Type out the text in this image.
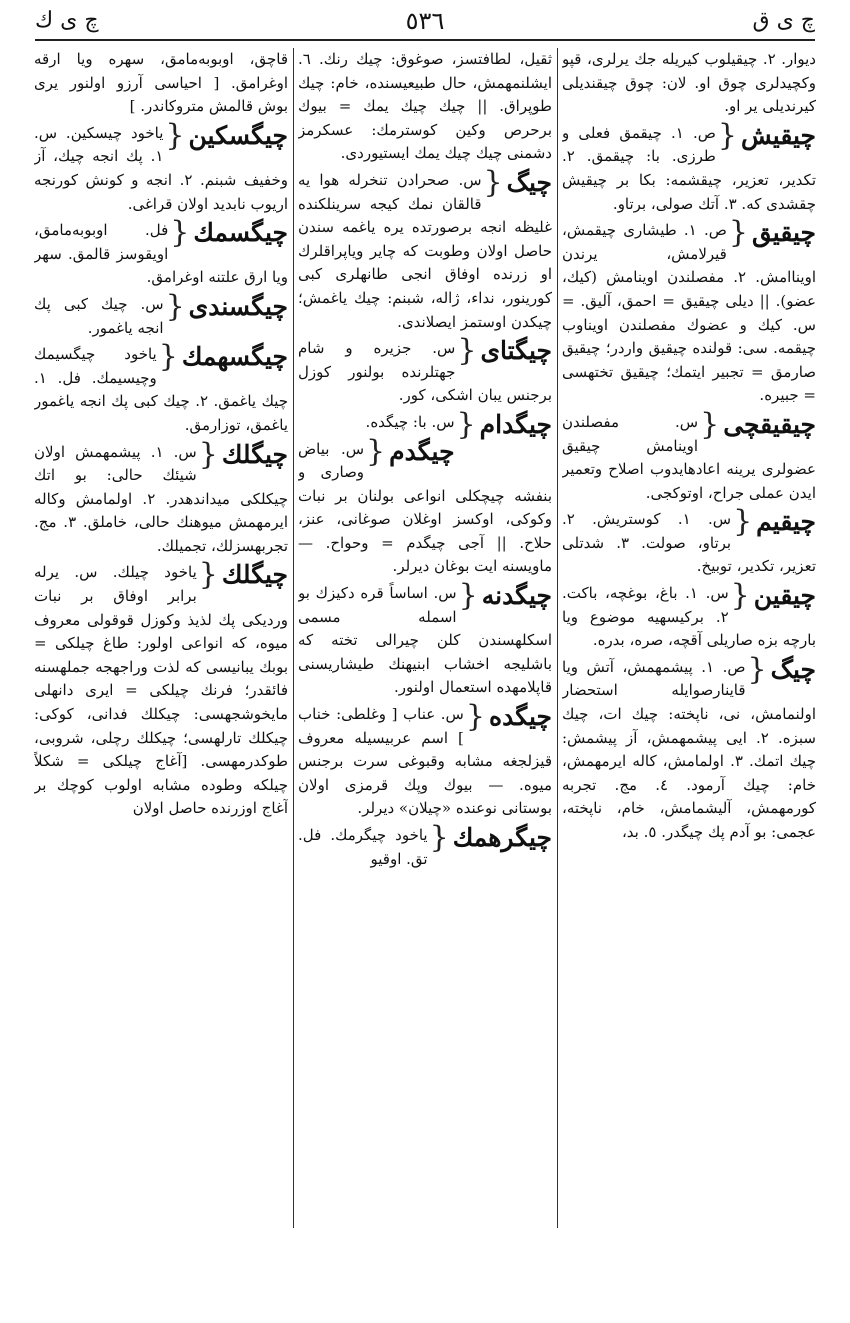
چ ی ق
٥٣٦
چ ی ك

دیوار. ٢. چیقیلوب کیریله جك یرلری، قپو وکچیدلری چوق او. لان: چوق چیقندیلی کیرندیلی یر او.

چیقیش
{
ص. ١. چیقمق فعلی و طرزی. با: چیقمق. ٢. تکدیر، تعزیر، چیقشمه: بکا بر چیقیش چقشدی که. ٣. آتك صولی، برتاو.
چیقیق
{
ص. ١. طیشاری چیقمش، قیرلامش، یرندن اویناامش. ٢. مفصلندن اوینامش (کیك، عضو). || دیلی چیقیق = احمق، آلیق. = س. کیك و عضوك مفصلندن اویناوب چیقمه. سی: قولنده چیقیق واردر؛ چیقیق صارمق = تجبیر ایتمك؛ چیقیق تختهسی = جبیره.
چیقیقچی
{
س. مفصلندن اوینامش چیقیق عضولری یرینه اعادهایدوب اصلاح وتعمیر ایدن عملی جراح، اوتوکجی.
چیقیم
{
س. ١. کوستریش. ٢. برتاو، صولت. ٣. شدتلی تعزیر، تکدیر، توبیخ.
چیقین
{
س. ١. باغ، بوغچه، باکت. ٢. برکیسهیه موضوع ویا بارچه بزه صاریلی آقچه، صره، بدره.
چیگ
{
ص. ١. پیشمهمش، آتش ویا قاینارصوایله استحضار اولنمامش، نی، ناپخته: چیك ات، چیك سبزه. ٢. ایی پیشمهمش، آز پیشمش: چیك اتمك. ٣. اولمامش، کاله ایرمهمش، خام: چیك آرمود. ٤. مج. تجربه کورمهمش، آلیشمامش، خام، ناپخته، عجمی: بو آدم پك چیگدر. ٥. بد،

ثقیل، لطافتسز، صوغوق: چیك رنك. ٦. ایشلنمهمش، حال طبیعیسنده، خام: چیك طوپراق. || چیك چیك یمك = بیوك برحرص وکین کوسترمك: عسکرمز دشمنی چیك چیك یمك ایستیوردی.

چیگ
{
س. صحرادن تنخرله هوا یه قالقان نمك کیجه سرینلکنده غلیظه انجه برصورتده یره یاغمه سندن حاصل اولان وطوبت که چایر ویاپراقلرك او زرنده اوفاق انجی طانهلری کبی کورینور، نداء، ژاله، شبنم: چیك یاغمش؛ چیکدن اوستمز ایصلاندی.
چیگتای
{
س. جزیره و شام جهتلرنده بولنور کوزل برجنس یبان اشکی، کور.
چیگدام
{
س. با: چیگده.
چیگدم
{
س. بیاض وصاری و بنفشه چیچکلی انواعی بولنان بر نبات وکوکی، اوکسز اوغلان صوغانی، عنز، حلاح. || آجی چیگدم = وحواح. — ماویسنه ایت بوغان دیرلر.
چیگدنه
{
س. اساساً قره دکیزك بو اسمله مسمی اسکلهسندن کلن چیرالی تخته که باشلیجه اخشاب ابنیهنك طیشاریسنی قاپلامهده استعمال اولنور.
چیگده
{
س. عناب [ وغلطی: خناب ] اسم عربیسیله معروف قیزلجغه مشابه وقبوغی سرت برجنس میوه. — بیوك وپك قرمزی اولان بوستانی نوعنده «چیلان» دیرلر.
چیگرهمك
{
یاخود چیگرمك. فل. تق. اوقیو

قاچق، اوبوبه‌مامق، سهره ویا ارقه اوغرامق. [ احیاسی آرزو اولنور یری بوش قالمش متروكاندر. ]

چیگسکین
{
یاخود چیسکین. س. ١. پك انجه چیك، آز وخفیف شبنم. ٢. انجه و کونش کورنجه اریوب نابدید اولان قراغی.
چیگسمك
{
فل. اوبوبه‌مامق، اویقوسز قالمق. سهر ویا ارق علتنه اوغرامق.
چیگسندی
{
س. چیك کبی پك انجه یاغمور.
چیگسهمك
{
یاخود چیگسیمك وچیسیمك. فل. ١. چیك یاغمق. ٢. چیك کبی پك انجه یاغمور یاغمق، توزارمق.
چیگلك
{
س. ١. پیشمهمش اولان شیئك حالی: بو اتك چیکلکی میداندهدر. ٢. اولمامش وکاله ایرمهمش میوهنك حالی، خاملق. ٣. مج. تجربهسزلك، تجمیلك.
چیگلك
{
یاخود چیلك. س. یرله برابر اوفاق بر نبات وردیکی پك لذیذ وکوزل قوقولی معروف میوه، که انواعی اولور: طاغ چیلکی = بوبك یبانیسی که لذت وراجهجه جملهسنه فائقدر؛ فرنك چیلکی = ایری دانهلی مایخوشجهسی: چیکلك فدانی، کوکی: چیکلك تارلهسی؛ چیکلك رچلی، شروبی، طوکدرمهسی. [آغاج چیلکی = شکلاً چیلکه وطوده مشابه اولوب کوچك بر آغاج اوزرنده حاصل اولان
